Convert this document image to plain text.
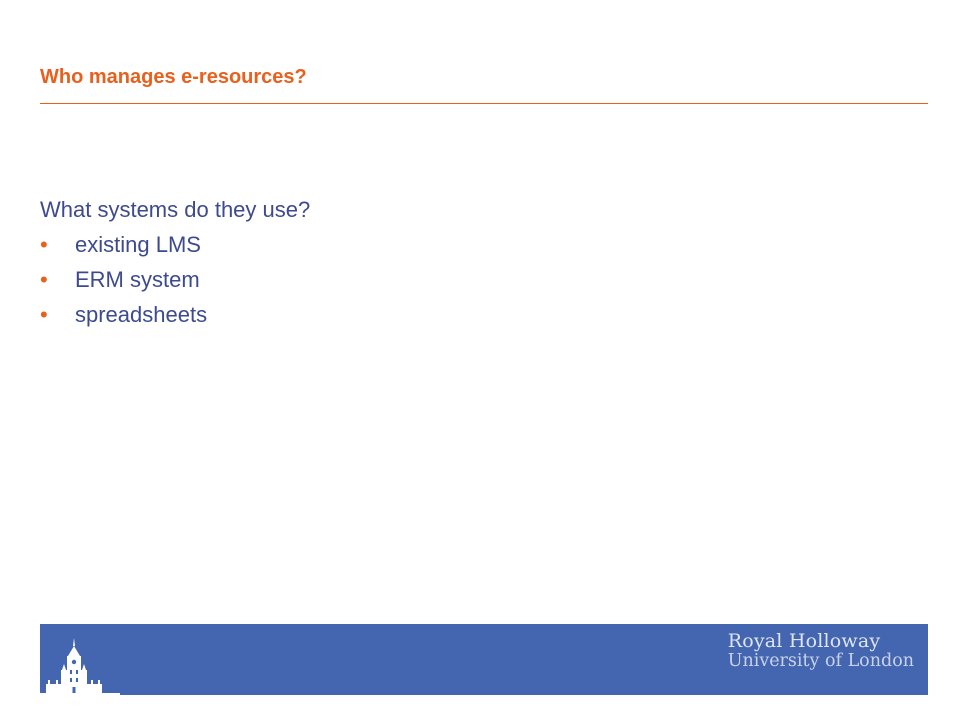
Who manages e-resources?

What systems do they use?

• existing LMS
• ERM system
• spreadsheets
Royal Holloway
University of London
